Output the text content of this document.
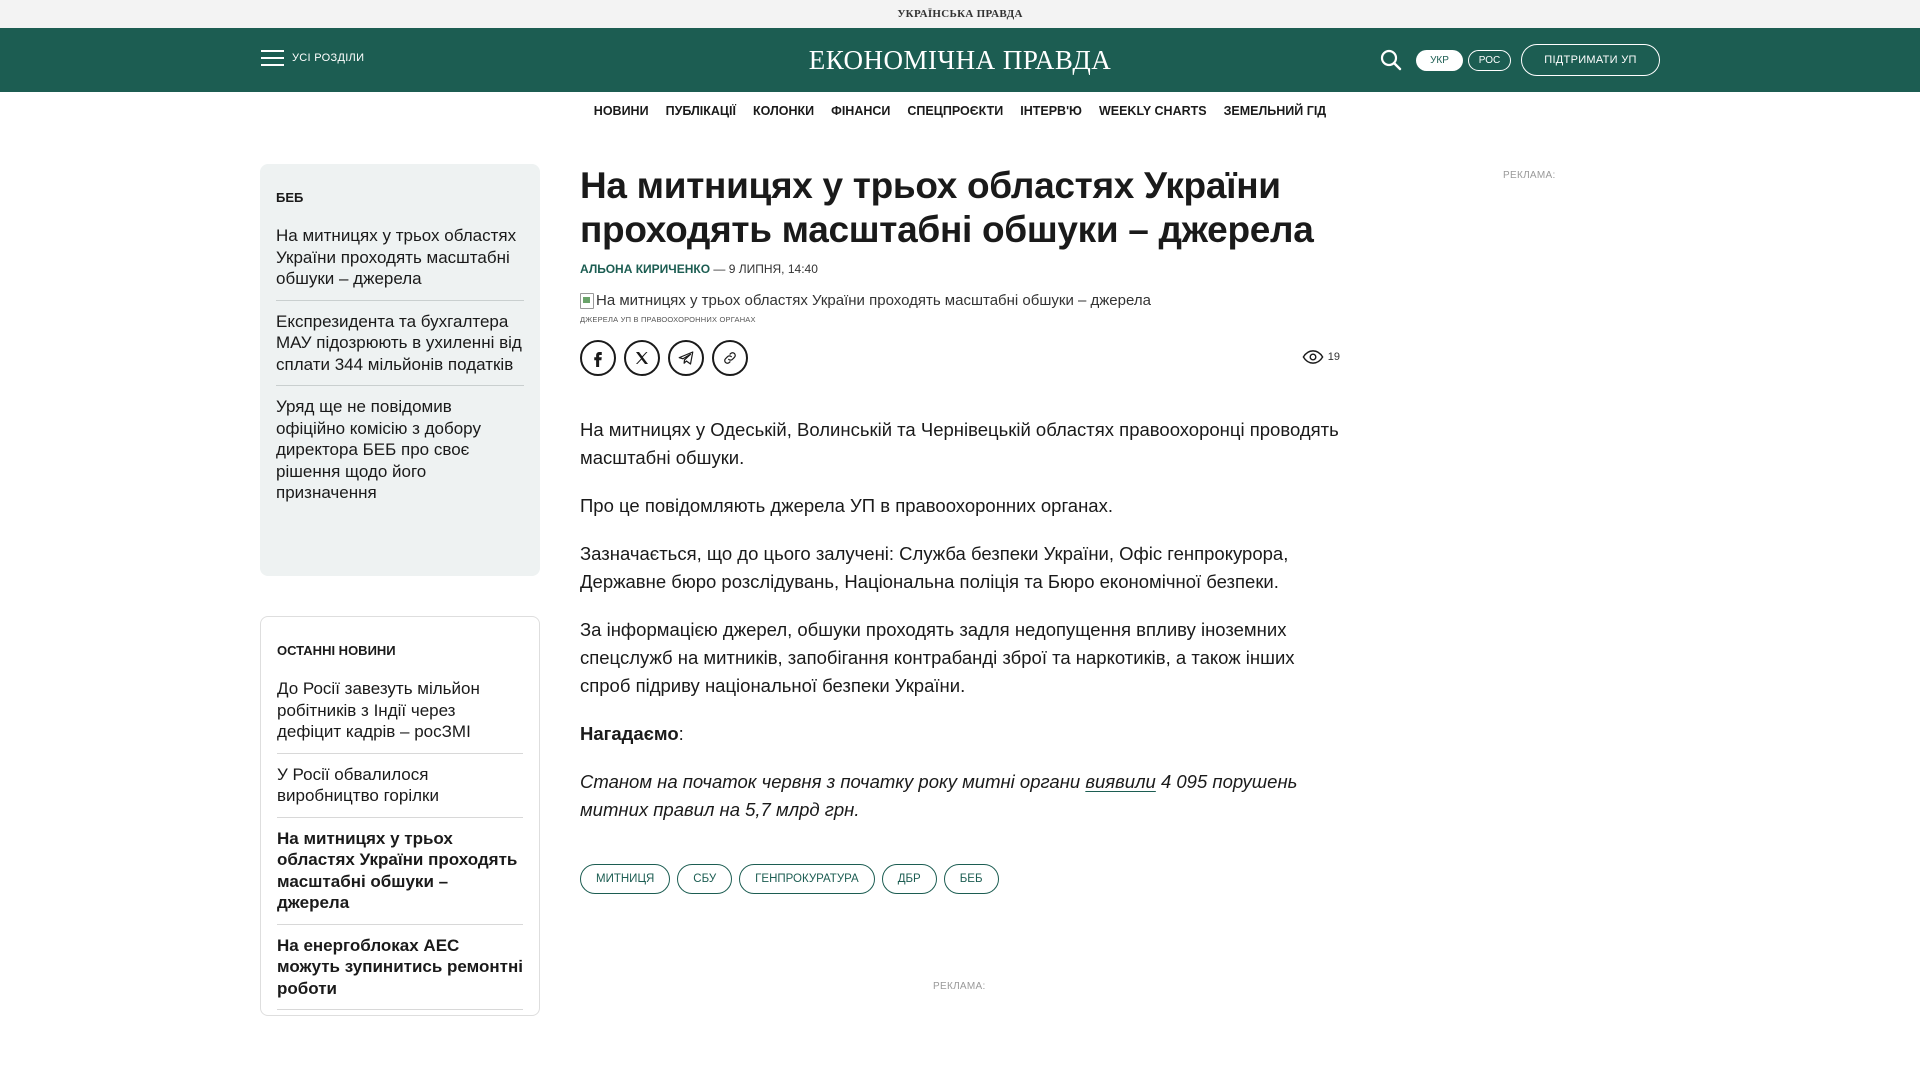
УКРАЇНСЬКА ПРАВДА
УСІ РОЗДІЛИ	ЕКОНОМІЧНА ПРАВДА	УКР	РОС	ПІДТРИМАТИ УП
НОВИНИ ПУБЛІКАЦІЇ КОЛОНКИ ФІНАНСИ СПЕЦПРОЄКТИ ІНТЕРВ'Ю WEEKLY CHARTS ЗЕМЕЛЬНИЙ ГІД
БЕБ
На митницях у трьох областях України проходять масштабні обшуки – джерела
Експрезидента та бухгалтера МАУ підозрюють в ухиленні від сплати 344 мільйонів податків
Уряд ще не повідомив офіційно комісію з добору директора БЕБ про своє рішення щодо його призначення
ОСТАННІ НОВИНИ
До Росії завезуть мільйон робітників з Індії через дефіцит кадрів – росЗМІ
У Росії обвалилося виробництво горілки
На митницях у трьох областях України проходять масштабні обшуки – джерела
На енергоблоках АЕС можуть зупинитись ремонтні роботи
На митницях у трьох областях України проходять масштабні обшуки – джерела
АЛЬОНА КИРИЧЕНКО — 9 ЛИПНЯ, 14:40
На митницях у трьох областях України проходять масштабні обшуки – джерела
ДЖЕРЕЛА УП В ПРАВООХОРОННИХ ОРГАНАХ
19

На митницях у Одеській, Волинській та Чернівецькій областях правоохоронці проводять масштабні обшуки.

Про це повідомляють джерела УП в правоохоронних органах.

Зазначається, що до цього залучені: Служба безпеки України, Офіс генпрокурора, Державне бюро розслідувань, Національна поліція та Бюро економічної безпеки.

За інформацією джерел, обшуки проходять задля недопущення впливу іноземних спецслужб на митників, запобігання контрабанді зброї та наркотиків, а також інших спроб підриву національної безпеки України.

Нагадаємо:

Станом на початок червня з початку року митні органи виявили 4 095 порушень митних правил на 5,7 млрд грн.

МИТНИЦЯ	СБУ	ГЕНПРОКУРАТУРА	ДБР	БЕБ
РЕКЛАМА:
РЕКЛАМА:
